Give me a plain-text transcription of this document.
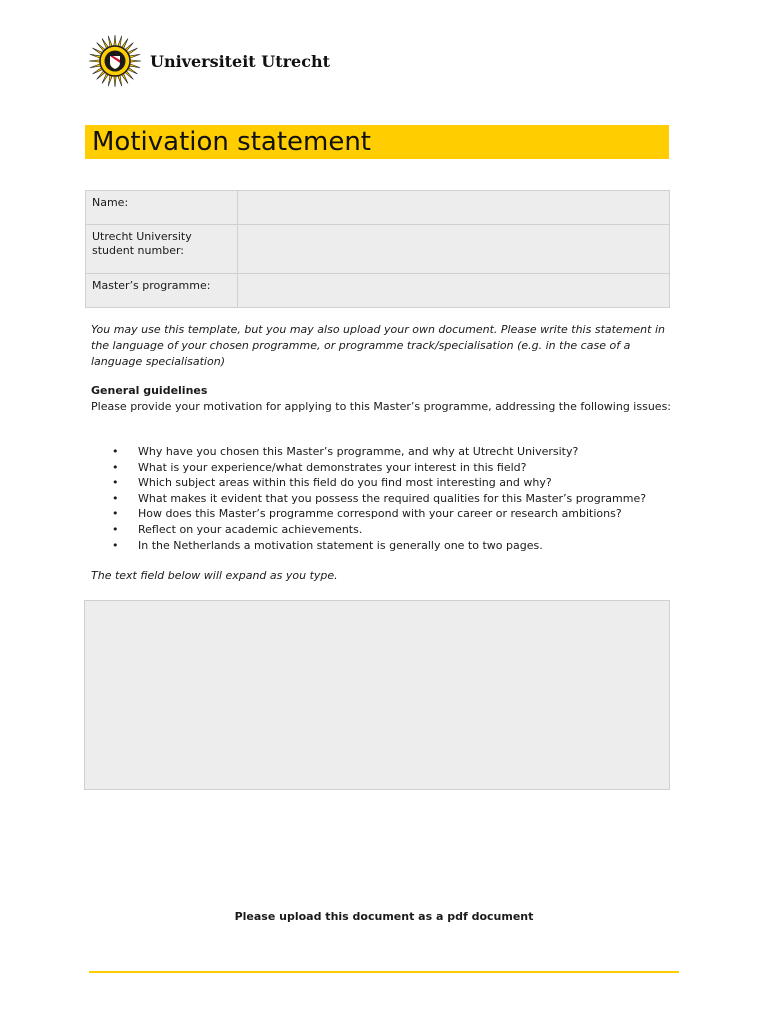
Universiteit Utrecht
Motivation statement
Name:	
Utrecht University student number:	
Master’s programme:	

You may use this template, but you may also upload your own document. Please write this statement in the language of your chosen programme, or programme track/specialisation (e.g. in the case of a language specialisation)

General guidelines

Please provide your motivation for applying to this Master’s programme, addressing the following issues:

• Why have you chosen this Master’s programme, and why at Utrecht University?
• What is your experience/what demonstrates your interest in this field?
• Which subject areas within this field do you find most interesting and why?
• What makes it evident that you possess the required qualities for this Master’s programme?
• How does this Master’s programme correspond with your career or research ambitions?
• Reflect on your academic achievements.
• In the Netherlands a motivation statement is generally one to two pages.

The text field below will expand as you type.

Please upload this document as a pdf document
